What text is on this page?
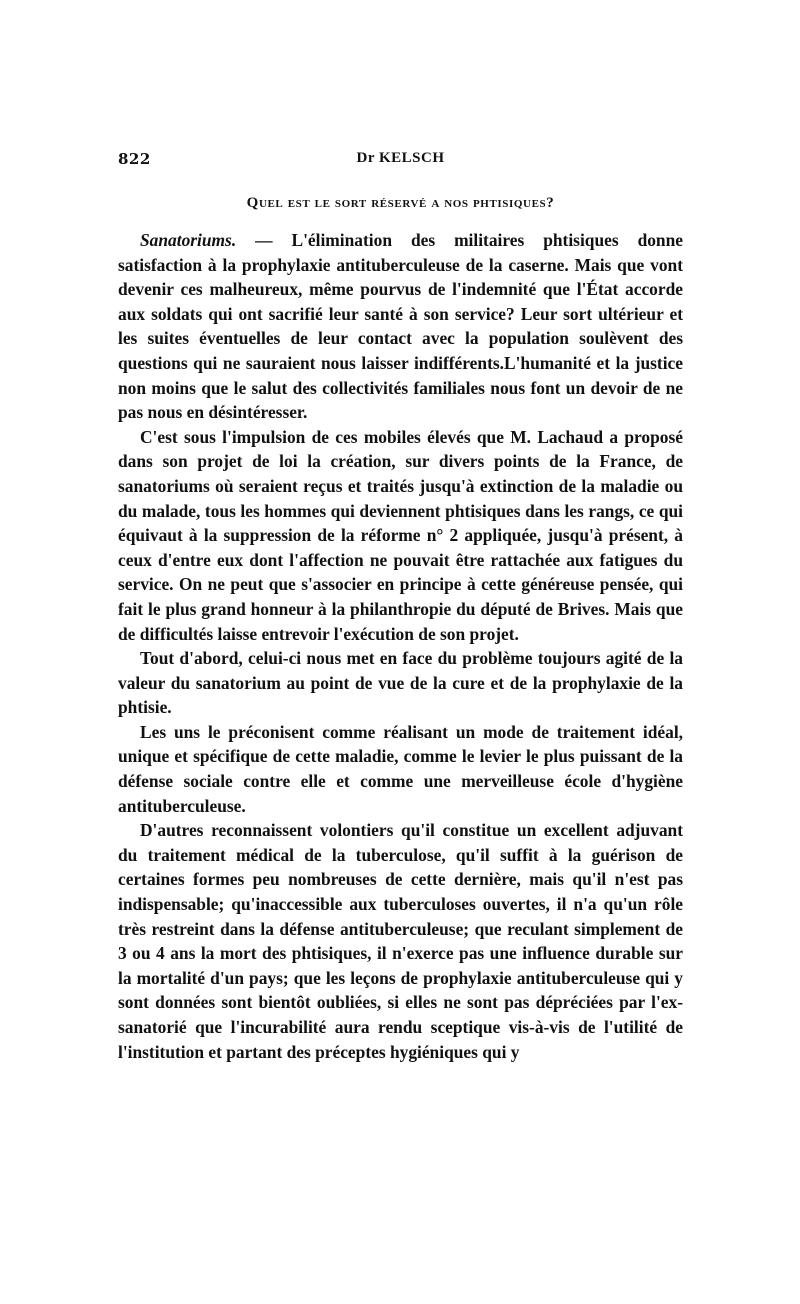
822	Dr KELSCH
Quel est le sort réservé a nos phtisiques?

Sanatoriums. — L'élimination des militaires phtisiques donne satisfaction à la prophylaxie antituberculeuse de la caserne. Mais que vont devenir ces malheureux, même pourvus de l'indemnité que l'État accorde aux soldats qui ont sacrifié leur santé à son service? Leur sort ultérieur et les suites éventuelles de leur contact avec la population soulèvent des questions qui ne sauraient nous laisser indifférents.L'humanité et la justice non moins que le salut des collectivités familiales nous font un devoir de ne pas nous en désintéresser.

C'est sous l'impulsion de ces mobiles élevés que M. Lachaud a proposé dans son projet de loi la création, sur divers points de la France, de sanatoriums où seraient reçus et traités jusqu'à extinction de la maladie ou du malade, tous les hommes qui deviennent phtisiques dans les rangs, ce qui équivaut à la suppression de la réforme n° 2 appliquée, jusqu'à présent, à ceux d'entre eux dont l'affection ne pouvait être rattachée aux fatigues du service. On ne peut que s'associer en principe à cette généreuse pensée, qui fait le plus grand honneur à la philanthropie du député de Brives. Mais que de difficultés laisse entrevoir l'exécution de son projet.

Tout d'abord, celui-ci nous met en face du problème toujours agité de la valeur du sanatorium au point de vue de la cure et de la prophylaxie de la phtisie.

Les uns le préconisent comme réalisant un mode de traitement idéal, unique et spécifique de cette maladie, comme le levier le plus puissant de la défense sociale contre elle et comme une merveilleuse école d'hygiène antituberculeuse.

D'autres reconnaissent volontiers qu'il constitue un excellent adjuvant du traitement médical de la tuberculose, qu'il suffit à la guérison de certaines formes peu nombreuses de cette dernière, mais qu'il n'est pas indispensable; qu'inaccessible aux tuberculoses ouvertes, il n'a qu'un rôle très restreint dans la défense antituberculeuse; que reculant simplement de 3 ou 4 ans la mort des phtisiques, il n'exerce pas une influence durable sur la mortalité d'un pays; que les leçons de prophylaxie antituberculeuse qui y sont données sont bientôt oubliées, si elles ne sont pas dépréciées par l'ex-sanatorié que l'incurabilité aura rendu sceptique vis-à-vis de l'utilité de l'institution et partant des préceptes hygiéniques qui y
